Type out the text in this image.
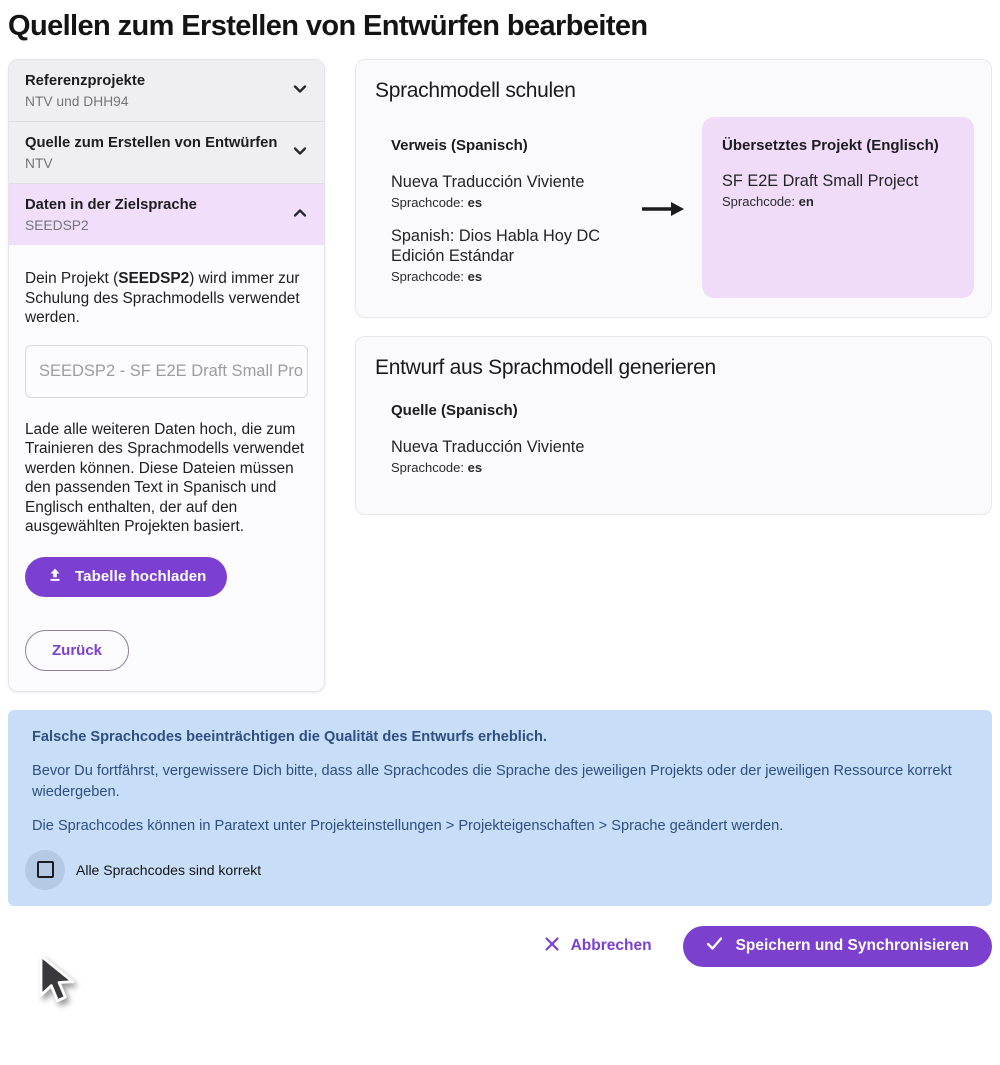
Quellen zum Erstellen von Entwürfen bearbeiten
Referenzprojekte
NTV und DHH94
Quelle zum Erstellen von Entwürfen
NTV
Daten in der Zielsprache
SEEDSP2

Dein Projekt (SEEDSP2) wird immer zur Schulung des Sprachmodells verwendet werden.

SEEDSP2 - SF E2E Draft Small Pro

Lade alle weiteren Daten hoch, die zum Trainieren des Sprachmodells verwendet werden können. Diese Dateien müssen den passenden Text in Spanisch und Englisch enthalten, der auf den ausgewählten Projekten basiert.

Tabelle hochladen
Zurück
Sprachmodell schulen
Verweis (Spanisch)
Nueva Traducción Viviente
Sprachcode: es
Spanish: Dios Habla Hoy DC Edición Estándar
Sprachcode: es
Übersetztes Projekt (Englisch)
SF E2E Draft Small Project
Sprachcode: en
Entwurf aus Sprachmodell generieren
Quelle (Spanisch)
Nueva Traducción Viviente
Sprachcode: es

Falsche Sprachcodes beeinträchtigen die Qualität des Entwurfs erheblich.

Bevor Du fortfährst, vergewissere Dich bitte, dass alle Sprachcodes die Sprache des jeweiligen Projekts oder der jeweiligen Ressource korrekt wiedergeben.

Die Sprachcodes können in Paratext unter Projekteinstellungen > Projekteigenschaften > Sprache geändert werden.

Alle Sprachcodes sind korrekt
Abbrechen	Speichern und Synchronisieren
